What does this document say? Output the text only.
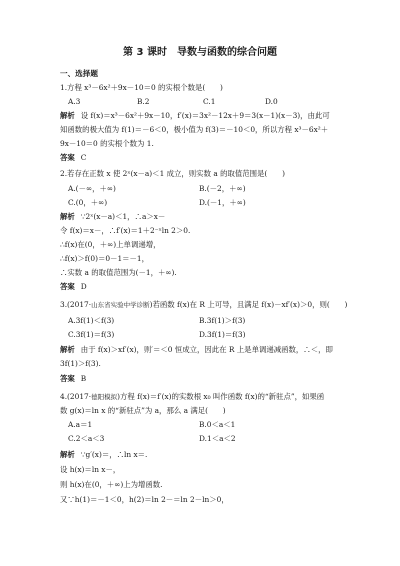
第 3 课时　导数与函数的综合问题
一、选择题
1.方程 x³－6x²＋9x－10＝0 的实根个数是(　　)
A.3	B.2	C.1	D.0
解析 设 f(x)＝x³－6x²＋9x－10，f′(x)＝3x²－12x＋9＝3(x－1)(x－3)，由此可
知函数的极大值为 f(1)＝－6＜0，极小值为 f(3)＝－10＜0，所以方程 x³－6x²＋
9x－10＝0 的实根个数为 1.
答案 C
2.若存在正数 x 使 2ˣ(x－a)＜1 成立，则实数 a 的取值范围是(　　)
A.(－∞，＋∞)	B.(－2，＋∞)
C.(0，＋∞)	D.(－1，＋∞)
解析 ∵2ˣ(x－a)＜1，∴a＞x－
令 f(x)＝x－，∴f′(x)＝1＋2⁻ˣln 2＞0.
∴f(x)在(0，＋∞)上单调递增，
∴f(x)＞f(0)＝0－1＝－1，
∴实数 a 的取值范围为(－1，＋∞).
答案 D
3.(2017·山东省实验中学诊断)若函数 f(x)在 R 上可导，且满足 f(x)－xf′(x)＞0，则(　　)
A.3f(1)＜f(3)	B.3f(1)＞f(3)
C.3f(1)＝f(3)	D.3f(1)＝f(3)
解析 由于 f(x)＞xf′(x)，则′＝＜0 恒成立，因此在 R 上是单调递减函数，∴＜，即
3f(1)＞f(3).
答案 B
4.(2017·德阳模拟)方程 f(x)＝f′(x)的实数根 x₀ 叫作函数 f(x)的“新驻点”，如果函
数 g(x)＝ln x 的“新驻点”为 a，那么 a 满足(　　)
A.a＝1	B.0＜a＜1
C.2＜a＜3	D.1＜a＜2
解析 ∵g′(x)＝，∴ln x＝.
设 h(x)＝ln x－，
则 h(x)在(0，＋∞)上为增函数.
又∵h(1)＝－1＜0，h(2)＝ln 2－＝ln 2－ln＞0，
